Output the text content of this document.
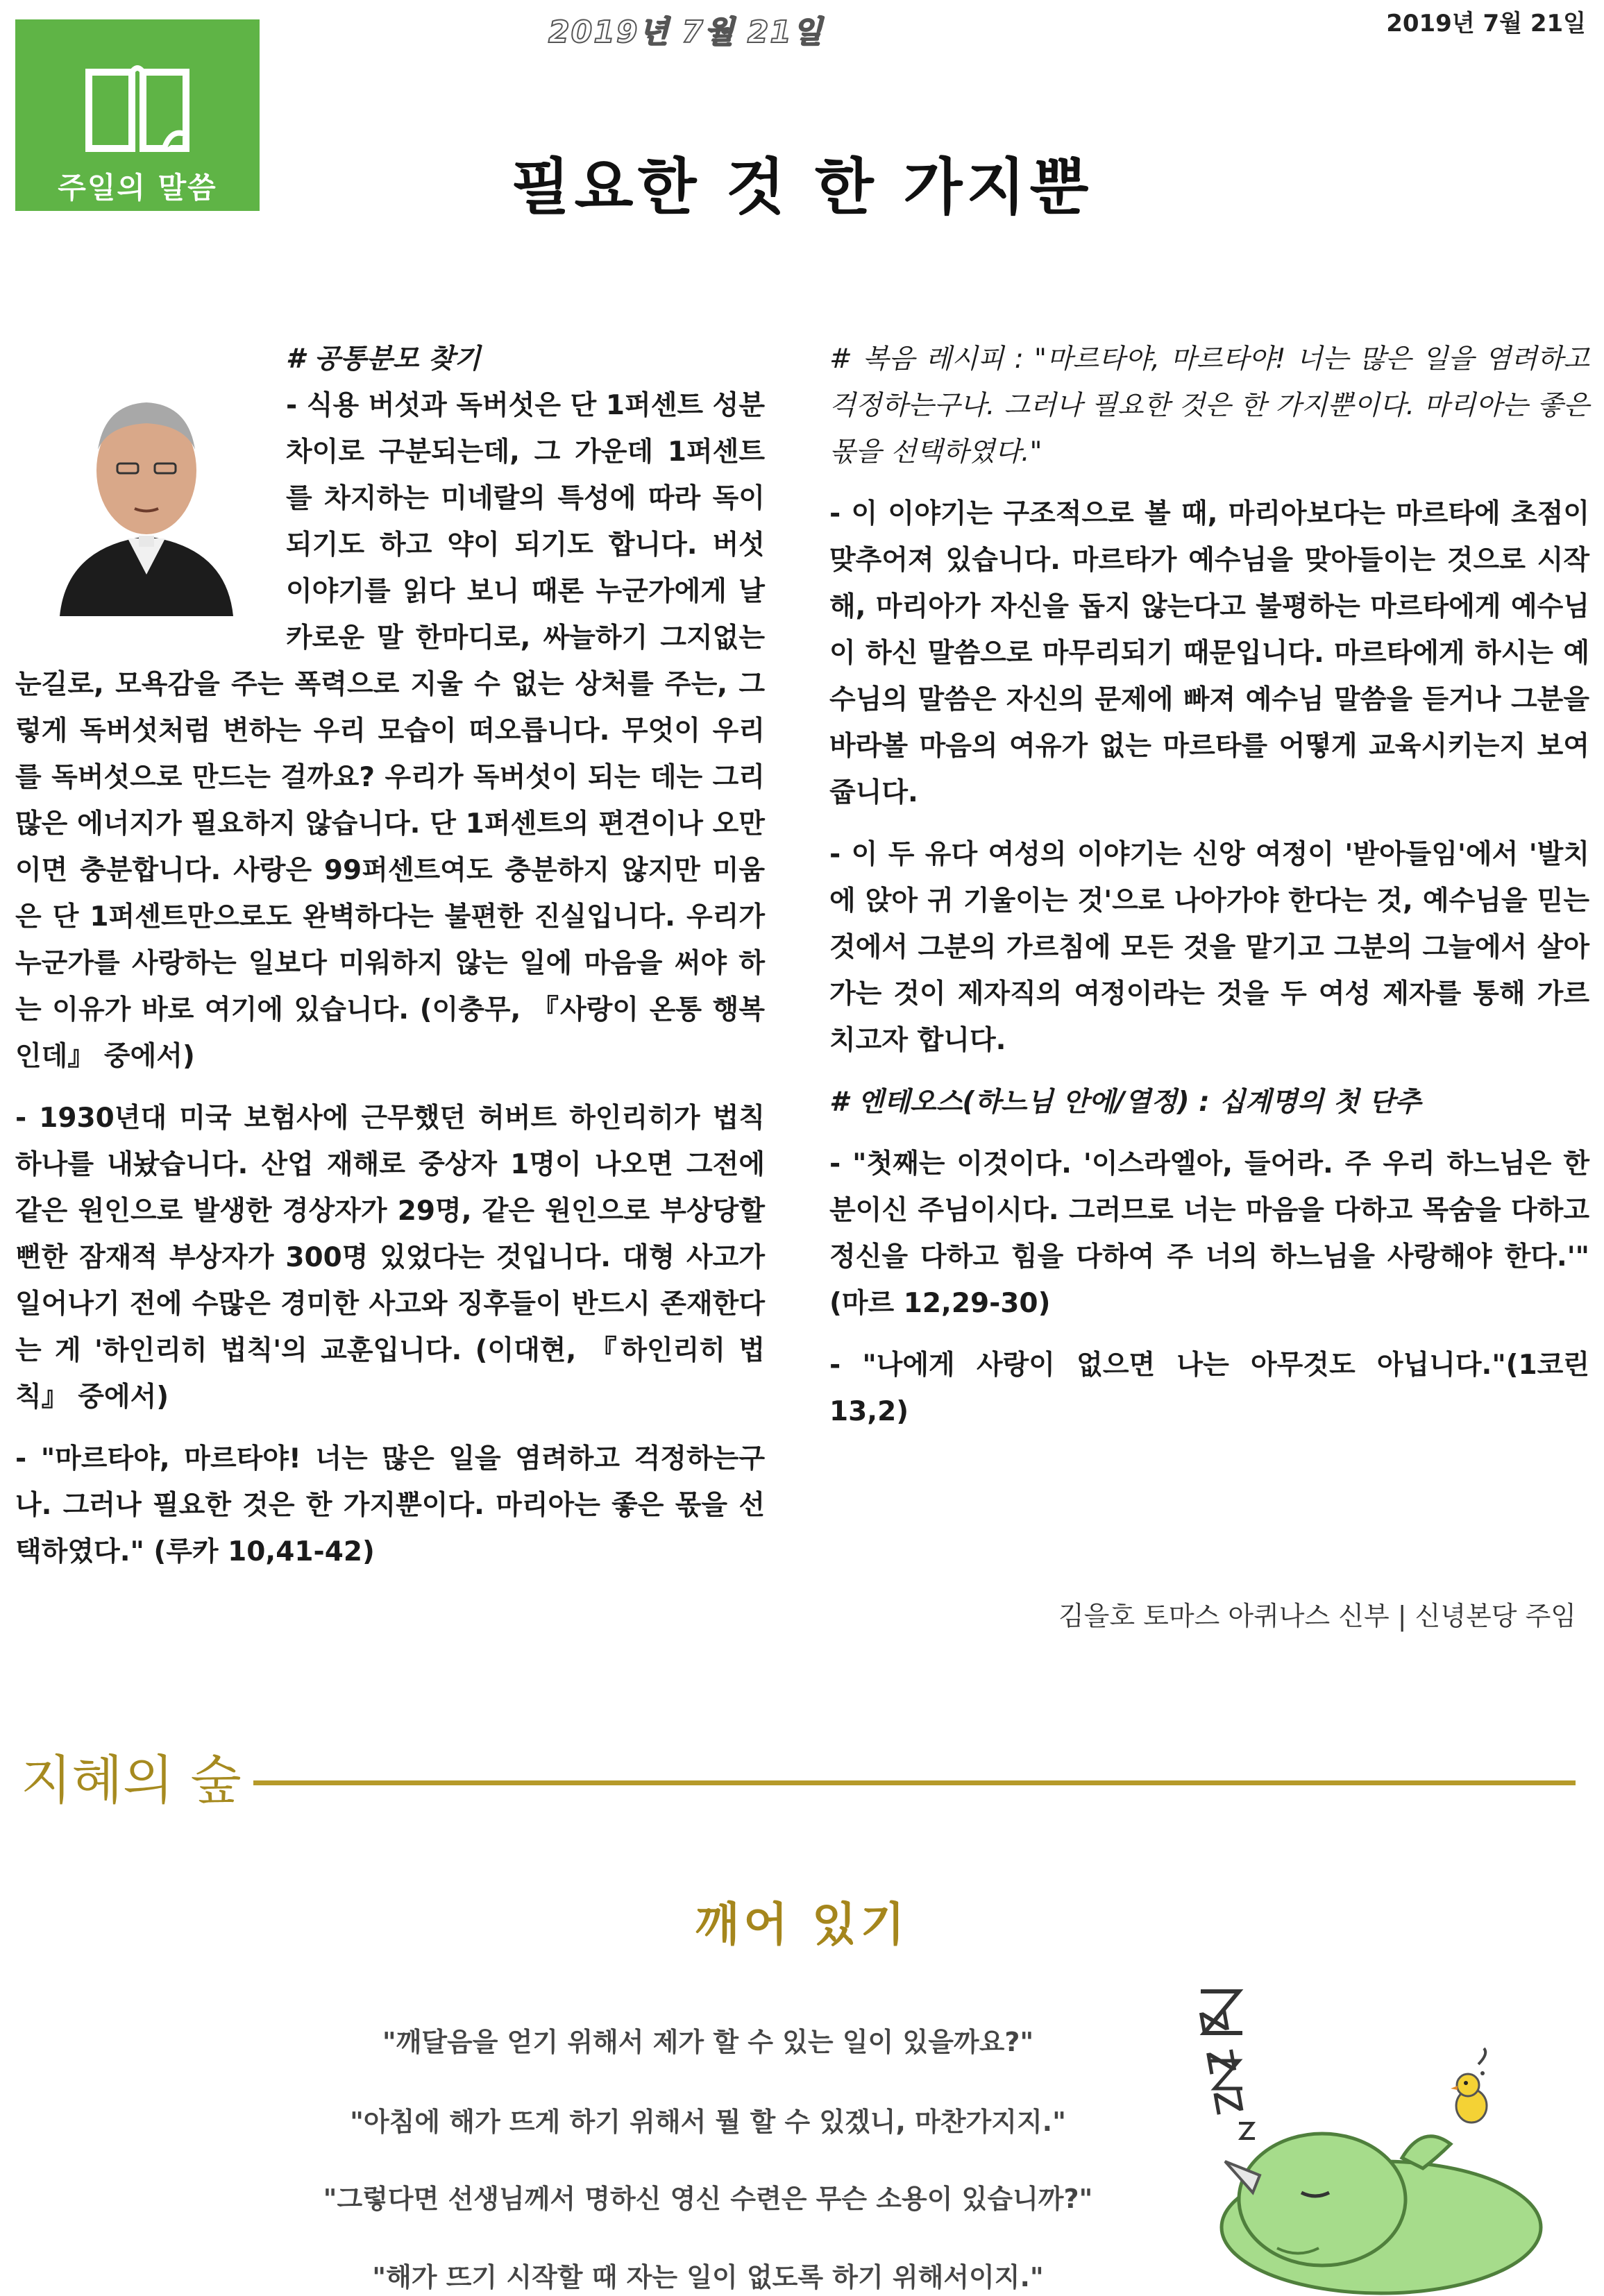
주일의 말씀
2019년 7월 21일	2019년 7월 21일
필요한 것 한 가지뿐
# 공통분모 찾기

- 식용 버섯과 독버섯은 단 1퍼센트 성분 차이로 구분되는데, 그 가운데 1퍼센트를 차지하는 미네랄의 특성에 따라 독이 되기도 하고 약이 되기도 합니다. 버섯 이야기를 읽다 보니 때론 누군가에게 날카로운 말 한마디로, 싸늘하기 그지없는 눈길로, 모욕감을 주는 폭력으로 지울 수 없는 상처를 주는, 그렇게 독버섯처럼 변하는 우리 모습이 떠오릅니다. 무엇이 우리를 독버섯으로 만드는 걸까요? 우리가 독버섯이 되는 데는 그리 많은 에너지가 필요하지 않습니다. 단 1퍼센트의 편견이나 오만이면 충분합니다. 사랑은 99퍼센트여도 충분하지 않지만 미움은 단 1퍼센트만으로도 완벽하다는 불편한 진실입니다. 우리가 누군가를 사랑하는 일보다 미워하지 않는 일에 마음을 써야 하는 이유가 바로 여기에 있습니다. (이충무, 『사랑이 온통 행복인데』 중에서)

- 1930년대 미국 보험사에 근무했던 허버트 하인리히가 법칙 하나를 내놨습니다. 산업 재해로 중상자 1명이 나오면 그전에 같은 원인으로 발생한 경상자가 29명, 같은 원인으로 부상당할 뻔한 잠재적 부상자가 300명 있었다는 것입니다. 대형 사고가 일어나기 전에 수많은 경미한 사고와 징후들이 반드시 존재한다는 게 '하인리히 법칙'의 교훈입니다. (이대현, 『하인리히 법칙』 중에서)

- "마르타야, 마르타야! 너는 많은 일을 염려하고 걱정하는구나. 그러나 필요한 것은 한 가지뿐이다. 마리아는 좋은 몫을 선택하였다." (루카 10,41-42)

# 복음 레시피 : "마르타야, 마르타야! 너는 많은 일을 염려하고 걱정하는구나. 그러나 필요한 것은 한 가지뿐이다. 마리아는 좋은 몫을 선택하였다."

- 이 이야기는 구조적으로 볼 때, 마리아보다는 마르타에 초점이 맞추어져 있습니다. 마르타가 예수님을 맞아들이는 것으로 시작해, 마리아가 자신을 돕지 않는다고 불평하는 마르타에게 예수님이 하신 말씀으로 마무리되기 때문입니다. 마르타에게 하시는 예수님의 말씀은 자신의 문제에 빠져 예수님 말씀을 듣거나 그분을 바라볼 마음의 여유가 없는 마르타를 어떻게 교육시키는지 보여줍니다.

- 이 두 유다 여성의 이야기는 신앙 여정이 '받아들임'에서 '발치에 앉아 귀 기울이는 것'으로 나아가야 한다는 것, 예수님을 믿는 것에서 그분의 가르침에 모든 것을 맡기고 그분의 그늘에서 살아가는 것이 제자직의 여정이라는 것을 두 여성 제자를 통해 가르치고자 합니다.

# 엔테오스(하느님 안에/열정) : 십계명의 첫 단추

- "첫째는 이것이다. '이스라엘아, 들어라. 주 우리 하느님은 한 분이신 주님이시다. 그러므로 너는 마음을 다하고 목숨을 다하고 정신을 다하고 힘을 다하여 주 너의 하느님을 사랑해야 한다.'"(마르 12,29-30)

- "나에게 사랑이 없으면 나는 아무것도 아닙니다."(1코린 13,2)

김을호 토마스 아퀴나스 신부 | 신녕본당 주임
지혜의 숲
깨어 있기
"깨달음을 얻기 위해서 제가 할 수 있는 일이 있을까요?"
"아침에 해가 뜨게 하기 위해서 뭘 할 수 있겠니, 마찬가지지."
"그렇다면 선생님께서 명하신 영신 수련은 무슨 소용이 있습니까?"
"해가 뜨기 시작할 때 자는 일이 없도록 하기 위해서이지."
z z z
